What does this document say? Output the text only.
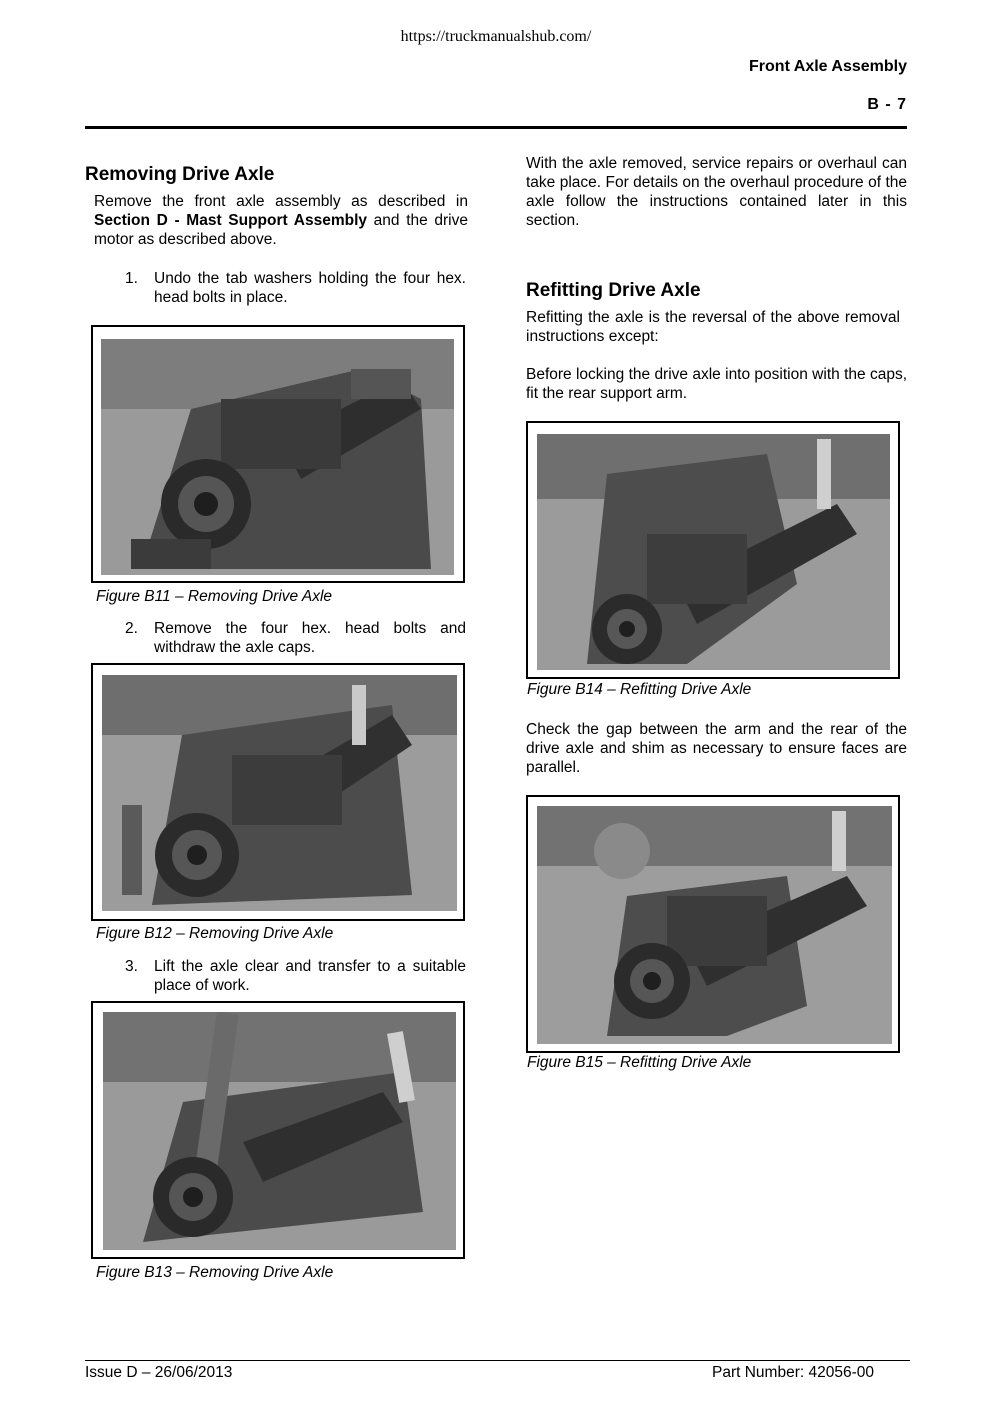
https://truckmanualshub.com/
Front Axle Assembly
B - 7
Removing Drive Axle
Remove the front axle assembly as described in Section D - Mast Support Assembly and the drive motor as described above.
1. Undo the tab washers holding the four hex. head bolts in place.
Figure B11 – Removing Drive Axle
2. Remove the four hex. head bolts and withdraw the axle caps.
Figure B12 – Removing Drive Axle
3. Lift the axle clear and transfer to a suitable place of work.
Figure B13 – Removing Drive Axle
With the axle removed, service repairs or overhaul can take place. For details on the overhaul procedure of the axle follow the instructions contained later in this section.
Refitting Drive Axle
Refitting the axle is the reversal of the above removal instructions except:
Before locking the drive axle into position with the caps, fit the rear support arm.
Figure B14 – Refitting Drive Axle
Check the gap between the arm and the rear of the drive axle and shim as necessary to ensure faces are parallel.
Figure B15 – Refitting Drive Axle
Issue D – 26/06/2013	Part Number: 42056-00
